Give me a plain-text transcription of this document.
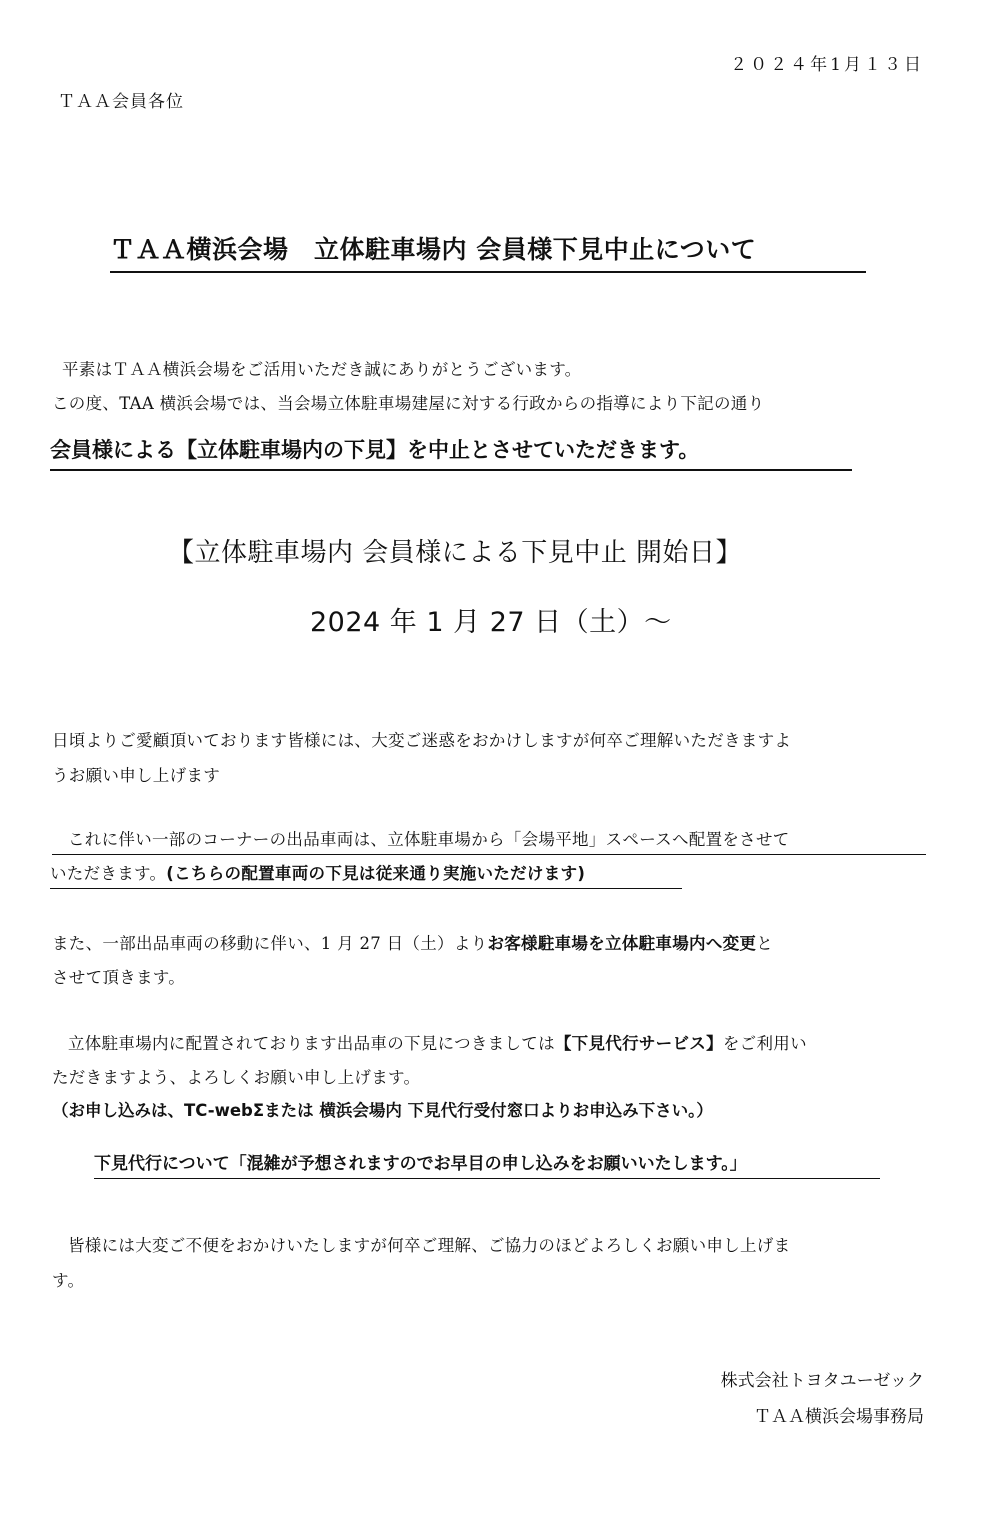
２０２４年1月１３日
ＴＡＡ会員各位
ＴＡＡ横浜会場　立体駐車場内 会員様下見中止について
平素はＴＡＡ横浜会場をご活用いただき誠にありがとうございます。
この度、TAA 横浜会場では、当会場立体駐車場建屋に対する行政からの指導により下記の通り
会員様による【立体駐車場内の下見】を中止とさせていただきます。
【立体駐車場内 会員様による下見中止 開始日】
2024 年 1 月 27 日（土）～
日頃よりご愛顧頂いております皆様には、大変ご迷惑をおかけしますが何卒ご理解いただきますよ
うお願い申し上げます
これに伴い一部のコーナーの出品車両は、立体駐車場から「会場平地」スペースへ配置をさせて
いただきます。(こちらの配置車両の下見は従来通り実施いただけます)
また、一部出品車両の移動に伴い、1 月 27 日（土）よりお客様駐車場を立体駐車場内へ変更と
させて頂きます。
立体駐車場内に配置されております出品車の下見につきましては【下見代行サービス】をご利用い
ただきますよう、よろしくお願い申し上げます。
（お申し込みは、TC-webΣまたは 横浜会場内 下見代行受付窓口よりお申込み下さい。）
下見代行について「混雑が予想されますのでお早目の申し込みをお願いいたします。」
皆様には大変ご不便をおかけいたしますが何卒ご理解、ご協力のほどよろしくお願い申し上げま
す。
株式会社トヨタユーゼック
ＴＡＡ横浜会場事務局
